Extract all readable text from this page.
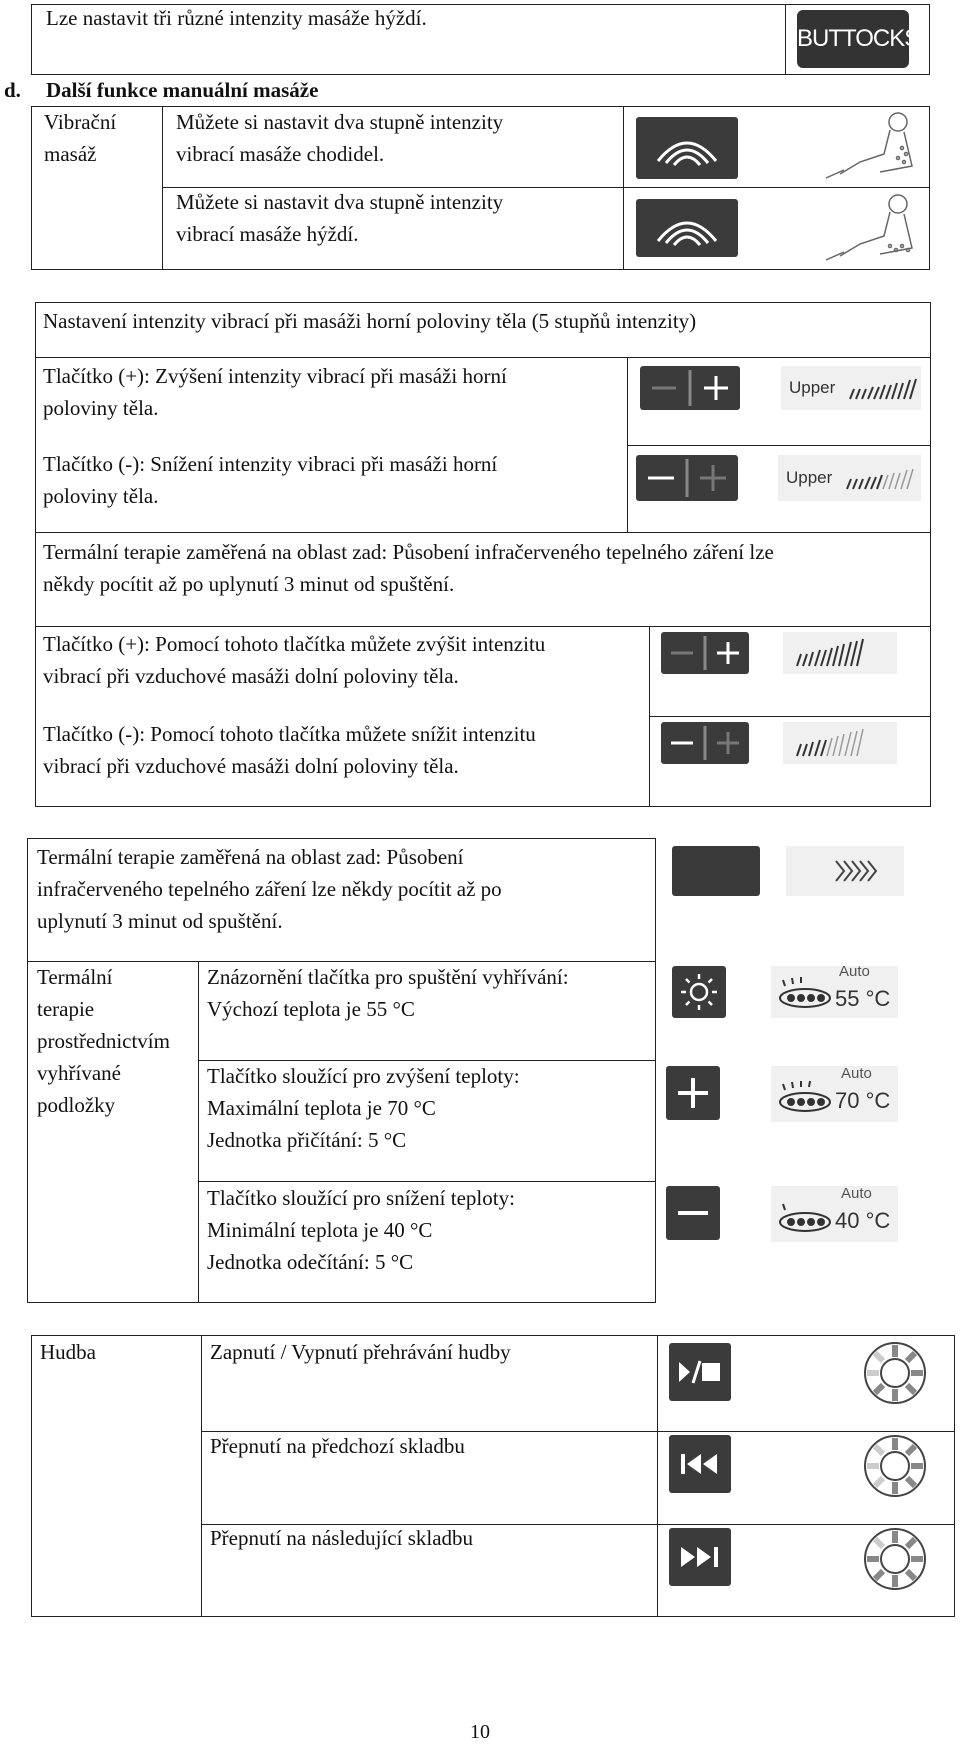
Lze nastavit tři různé intenzity masáže hýždí.
BUTTOCKS
d. Další funkce manuální masáže
Vibrační
masáž
Můžete si nastavit dva stupně intenzity
vibrací masáže chodidel.
Můžete si nastavit dva stupně intenzity
vibrací masáže hýždí.
Nastavení intenzity vibrací při masáži horní poloviny těla (5 stupňů intenzity)
Tlačítko (+): Zvýšení intenzity vibrací při masáži horní
poloviny těla.
Tlačítko (-): Snížení intenzity vibraci při masáži horní
poloviny těla.
Upper
Upper
Termální terapie zaměřená na oblast zad: Působení infračerveného tepelného záření lze
někdy pocítit až po uplynutí 3 minut od spuštění.
Tlačítko (+): Pomocí tohoto tlačítka můžete zvýšit intenzitu
vibrací při vzduchové masáži dolní poloviny těla.
Tlačítko (-): Pomocí tohoto tlačítka můžete snížit intenzitu
vibrací při vzduchové masáži dolní poloviny těla.
Termální terapie zaměřená na oblast zad: Působení
infračerveného tepelného záření lze někdy pocítit až po
uplynutí 3 minut od spuštění.
Termální
terapie
prostřednictvím
vyhřívané
podložky
Znázornění tlačítka pro spuštění vyhřívání:
Výchozí teplota je 55 °C
Tlačítko sloužící pro zvýšení teploty:
Maximální teplota je 70 °C
Jednotka přičítání: 5 °C
Tlačítko sloužící pro snížení teploty:
Minimální teplota je 40 °C
Jednotka odečítání: 5 °C
Auto
55 °C
Auto
70 °C
Auto
40 °C
Hudba	Zapnutí / Vypnutí přehrávání hudby
Přepnutí na předchozí skladbu
Přepnutí na následující skladbu
10
